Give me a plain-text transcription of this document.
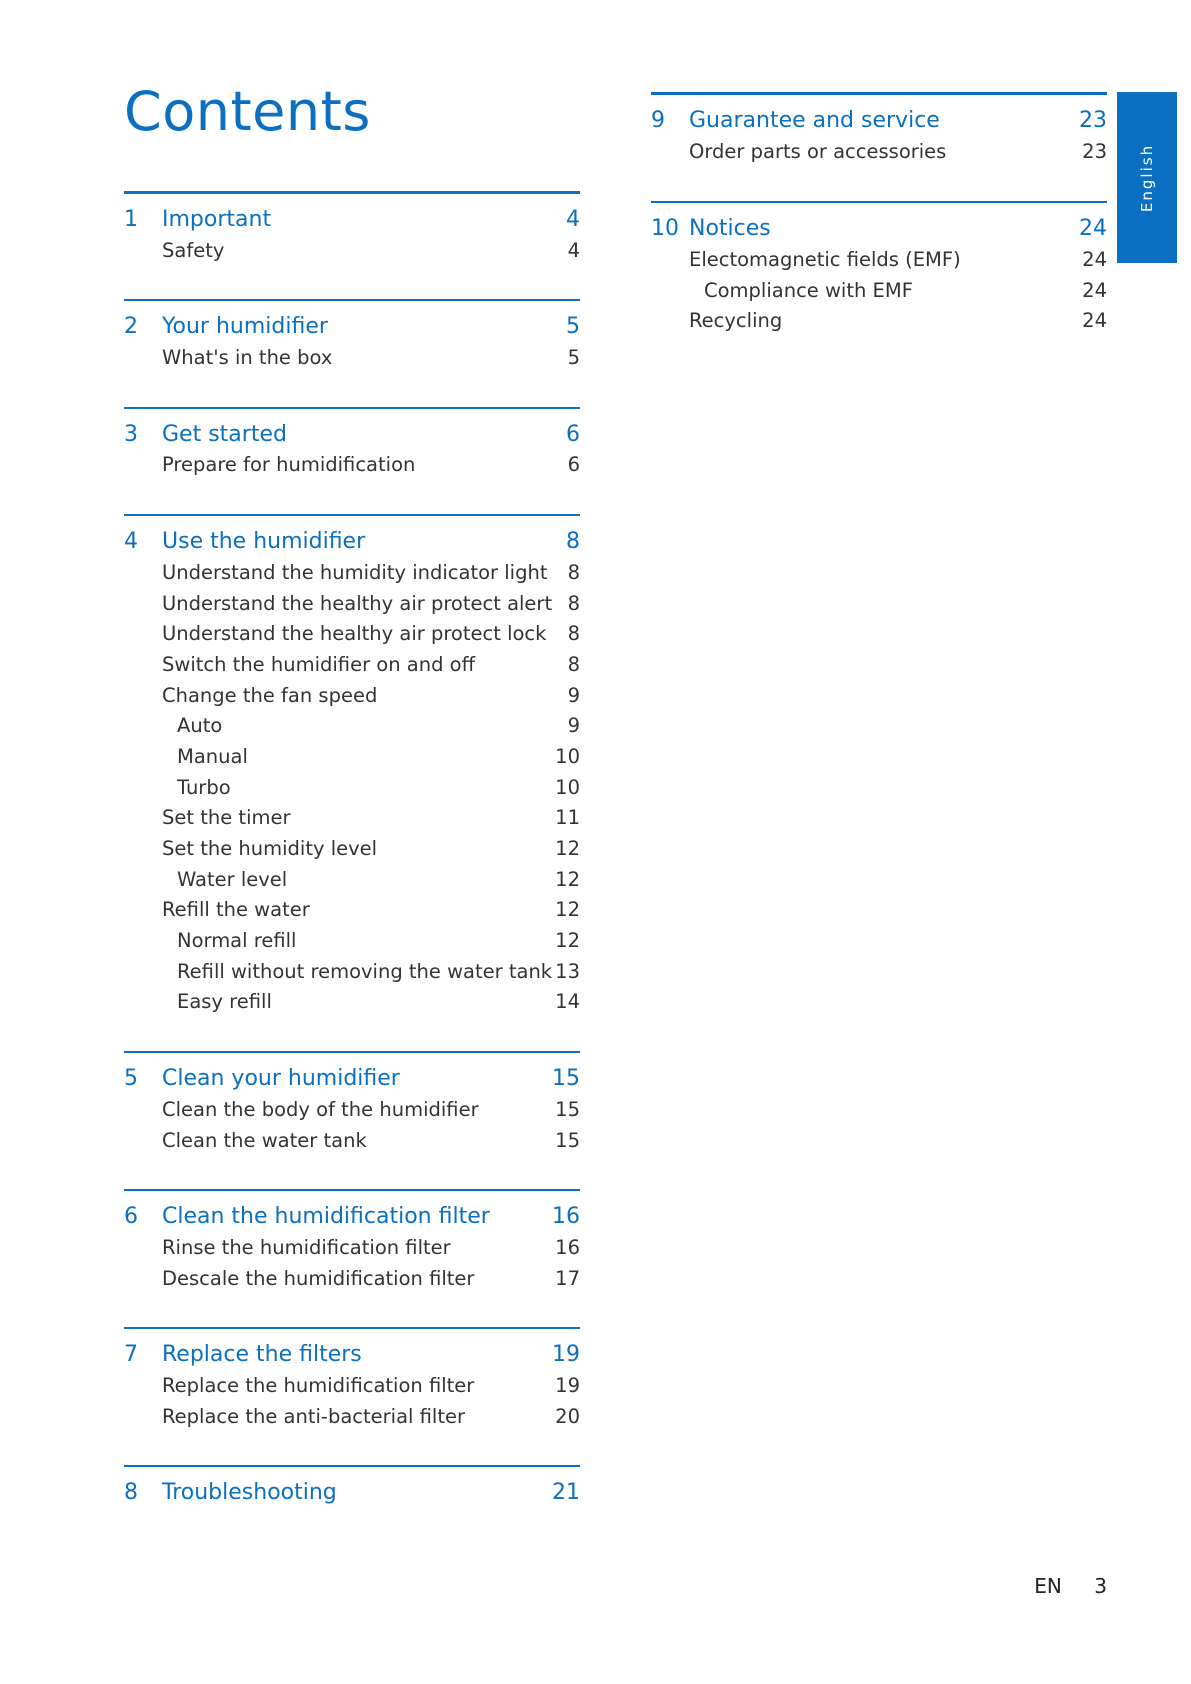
Contents
1 Important	4
Safety	4
2 Your humidifier	5
What's in the box	5
3 Get started	6
Prepare for humidification	6
4 Use the humidifier	8
Understand the humidity indicator light 8
Understand the healthy air protect alert 8
Understand the healthy air protect lock 8
Switch the humidifier on and off	8
Change the fan speed	9
Auto	9
Manual	10
Turbo	10
Set the timer	11
Set the humidity level	12
Water level	12
Refill the water	12
Normal refill	12
Refill without removing the water tank 13
Easy refill	14
5 Clean your humidifier	15
Clean the body of the humidifier	15
Clean the water tank	15
6 Clean the humidification filter	16
Rinse the humidification filter	16
Descale the humidification filter	17
7 Replace the filters	19
Replace the humidification filter	19
Replace the anti-bacterial filter	20
8 Troubleshooting	21
9 Guarantee and service	23
Order parts or accessories	23
10 Notices	24
Electomagnetic fields (EMF)	24
Compliance with EMF	24
Recycling	24
English
EN 3
